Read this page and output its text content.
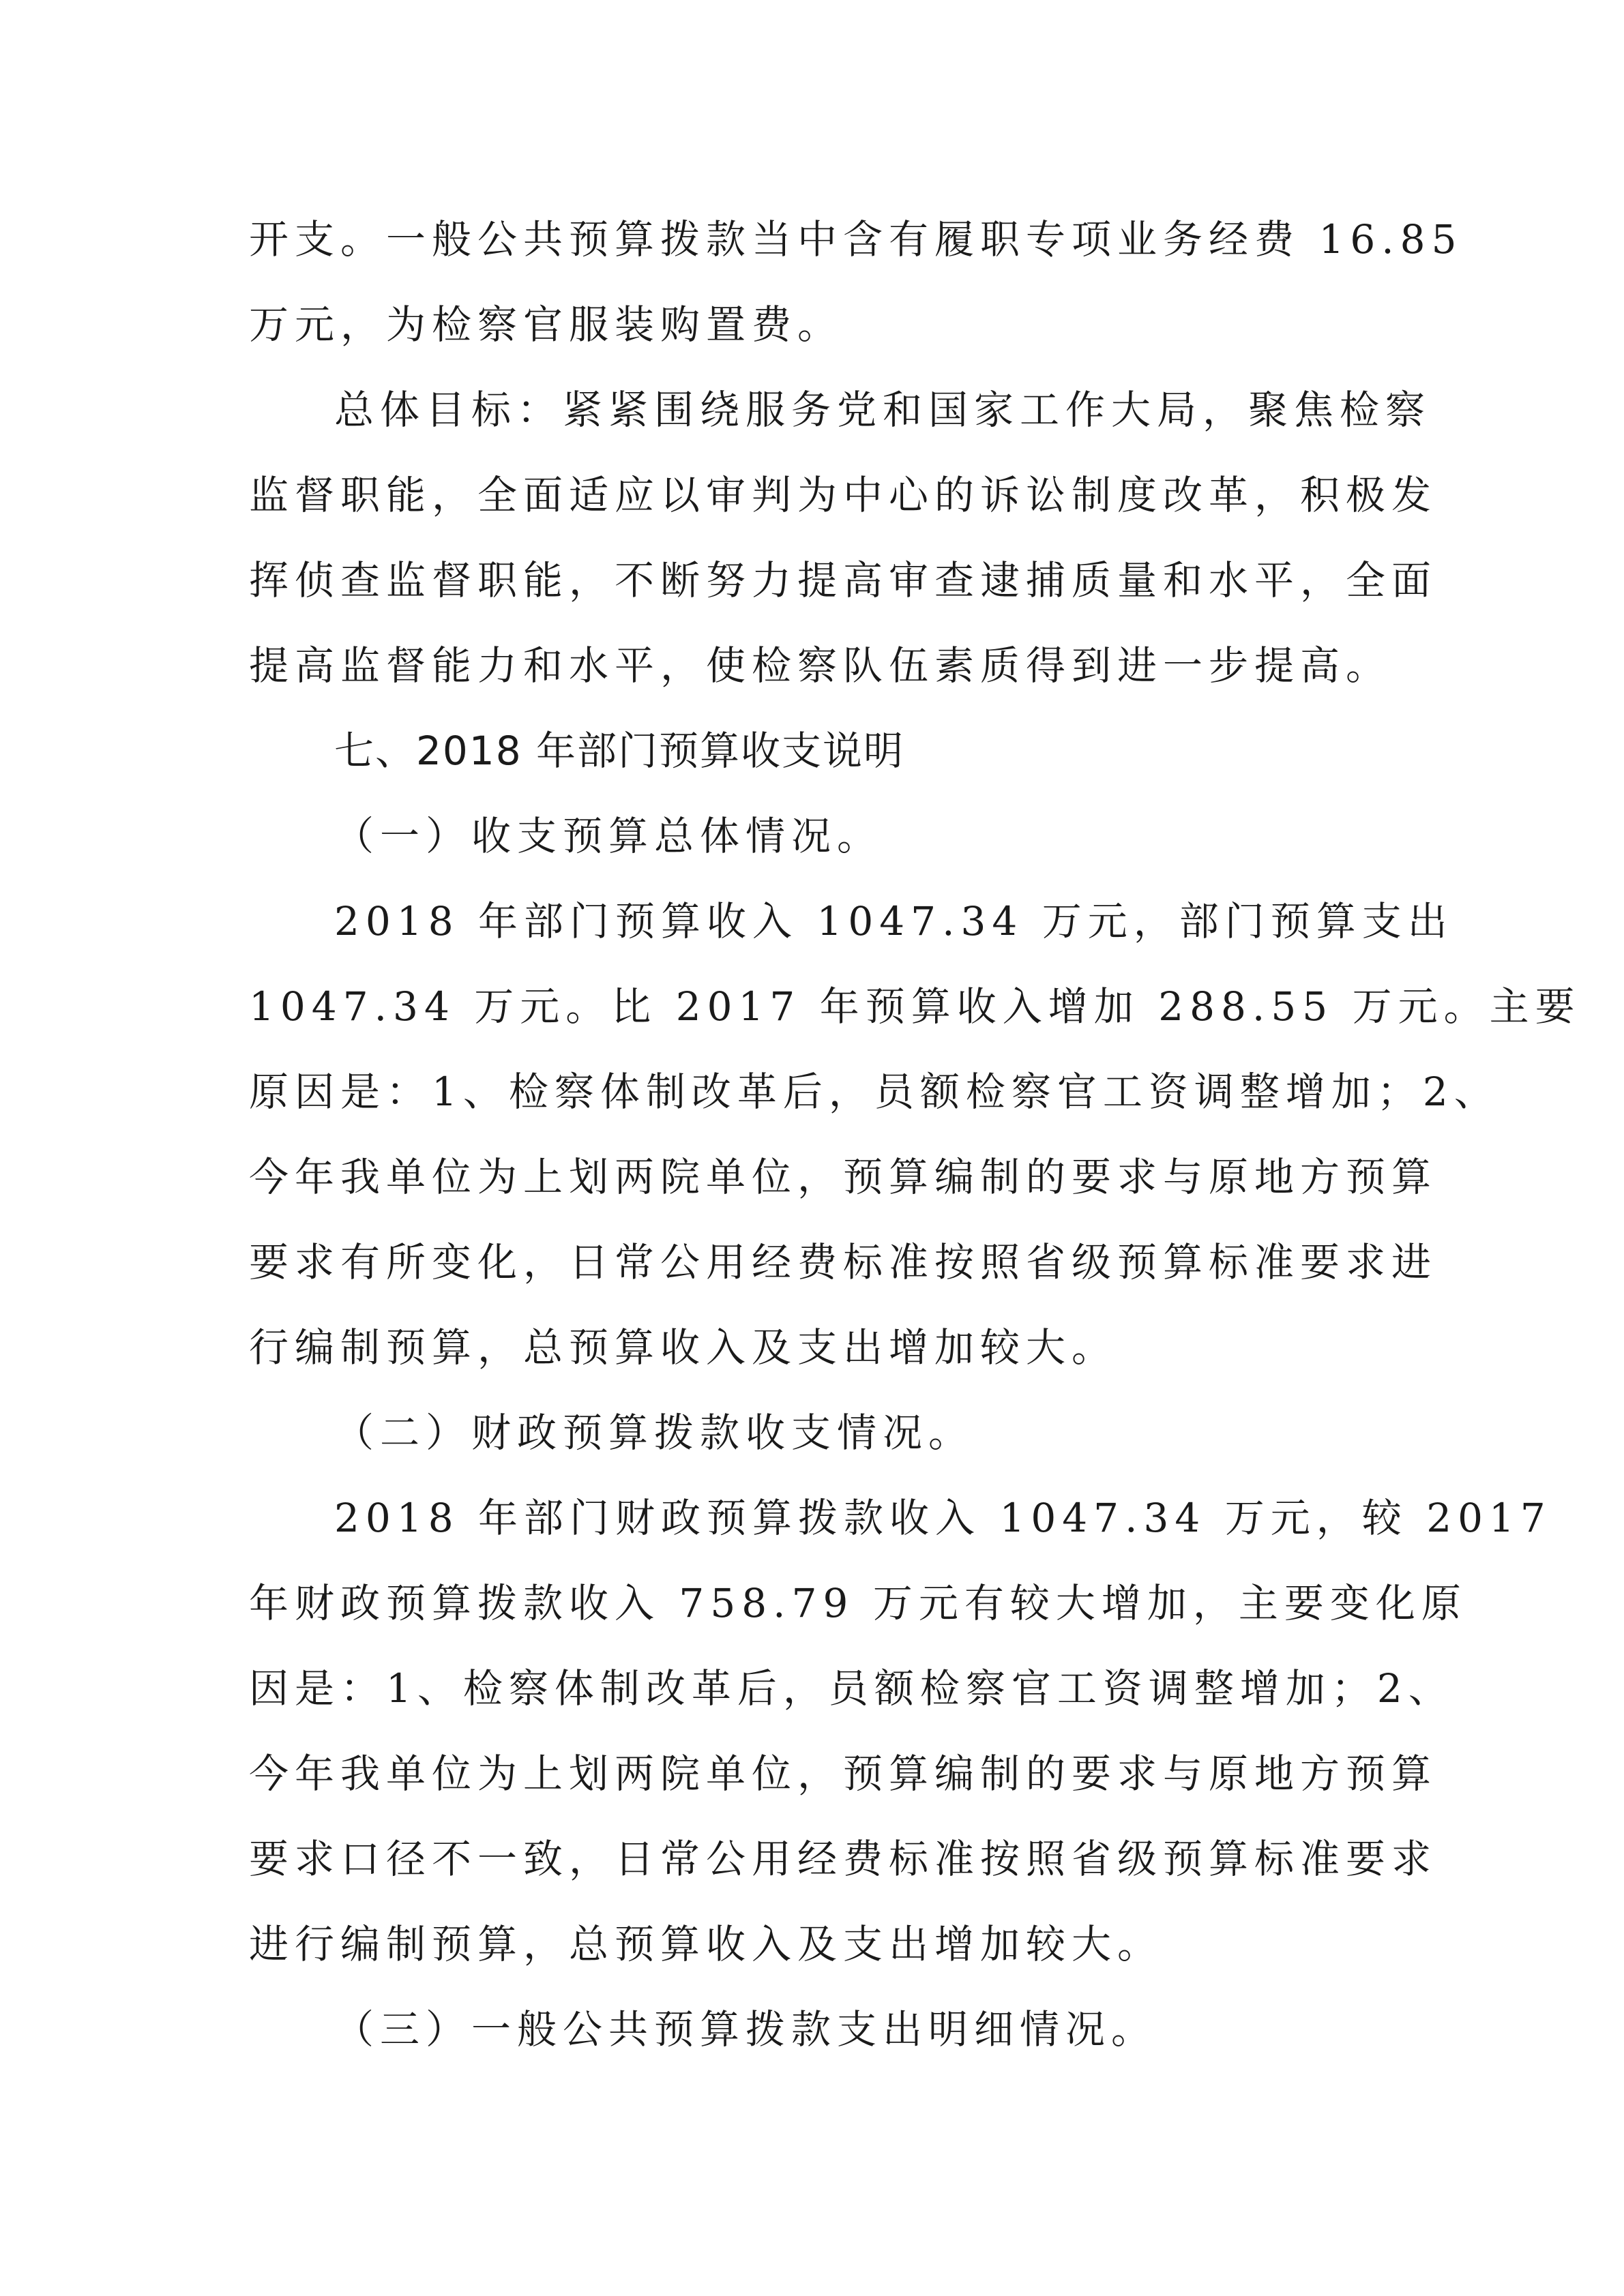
开支。一般公共预算拨款当中含有履职专项业务经费 16.85
万元，为检察官服装购置费。
总体目标：紧紧围绕服务党和国家工作大局，聚焦检察
监督职能，全面适应以审判为中心的诉讼制度改革，积极发
挥侦查监督职能，不断努力提高审查逮捕质量和水平，全面
提高监督能力和水平，使检察队伍素质得到进一步提高。
七、2018 年部门预算收支说明
（一）收支预算总体情况。
2018 年部门预算收入 1047.34 万元，部门预算支出
1047.34 万元。比 2017 年预算收入增加 288.55 万元。主要
原因是：1、检察体制改革后，员额检察官工资调整增加；2、
今年我单位为上划两院单位，预算编制的要求与原地方预算
要求有所变化，日常公用经费标准按照省级预算标准要求进
行编制预算，总预算收入及支出增加较大。
（二）财政预算拨款收支情况。
2018 年部门财政预算拨款收入 1047.34 万元，较 2017
年财政预算拨款收入 758.79 万元有较大增加，主要变化原
因是：1、检察体制改革后，员额检察官工资调整增加；2、
今年我单位为上划两院单位，预算编制的要求与原地方预算
要求口径不一致，日常公用经费标准按照省级预算标准要求
进行编制预算，总预算收入及支出增加较大。
（三）一般公共预算拨款支出明细情况。
